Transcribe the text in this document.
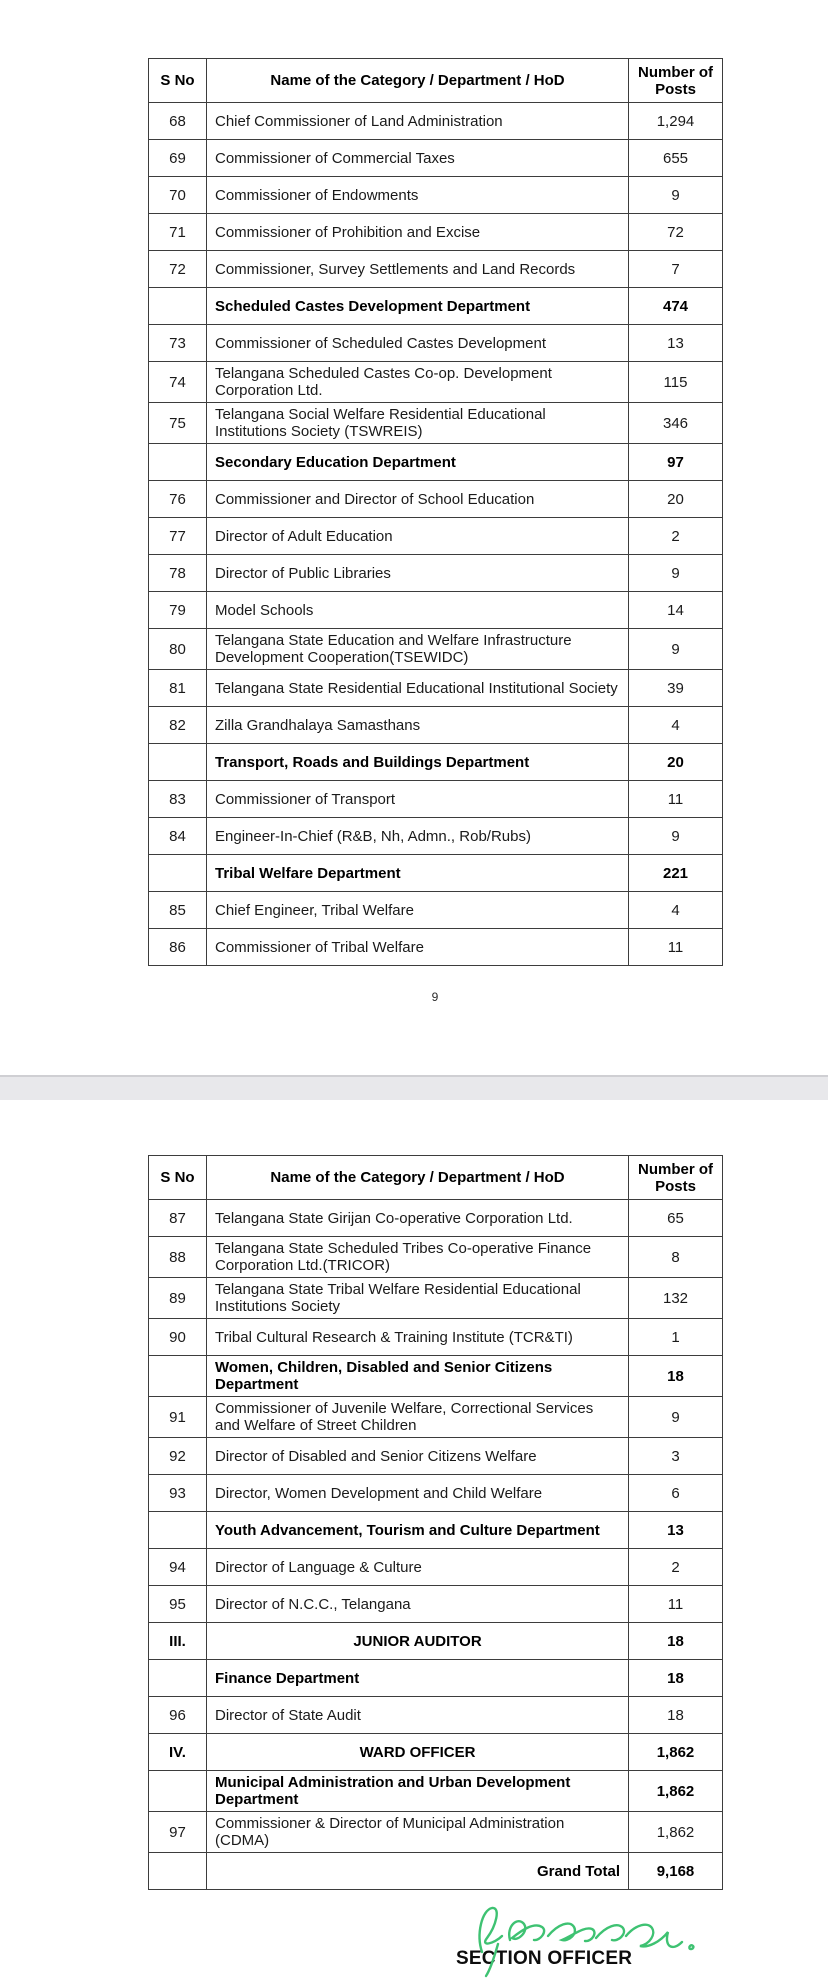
S No	Name of the Category / Department / HoD	Number of Posts
68	Chief Commissioner of Land Administration	1,294
69	Commissioner of Commercial Taxes	655
70	Commissioner of Endowments	9
71	Commissioner of Prohibition and Excise	72
72	Commissioner, Survey Settlements and Land Records	7
	Scheduled Castes Development Department	474
73	Commissioner of Scheduled Castes Development	13
74	Telangana Scheduled Castes Co-op. Development Corporation Ltd.	115
75	Telangana Social Welfare Residential Educational Institutions Society (TSWREIS)	346
	Secondary Education Department	97
76	Commissioner and Director of School Education	20
77	Director of Adult Education	2
78	Director of Public Libraries	9
79	Model Schools	14
80	Telangana State Education and Welfare Infrastructure Development Cooperation(TSEWIDC)	9
81	Telangana State Residential Educational Institutional Society	39
82	Zilla Grandhalaya Samasthans	4
	Transport, Roads and Buildings Department	20
83	Commissioner of Transport	11
84	Engineer-In-Chief (R&B, Nh, Admn., Rob/Rubs)	9
	Tribal Welfare Department	221
85	Chief Engineer, Tribal Welfare	4
86	Commissioner of Tribal Welfare	11
9
S No	Name of the Category / Department / HoD	Number of Posts
87	Telangana State Girijan Co-operative Corporation Ltd.	65
88	Telangana State Scheduled Tribes Co-operative Finance Corporation Ltd.(TRICOR)	8
89	Telangana State Tribal Welfare Residential Educational Institutions Society	132
90	Tribal Cultural Research & Training Institute (TCR&TI)	1
	Women, Children, Disabled and Senior Citizens Department	18
91	Commissioner of Juvenile Welfare, Correctional Services and Welfare of Street Children	9
92	Director of Disabled and Senior Citizens Welfare	3
93	Director, Women Development and Child Welfare	6
	Youth Advancement, Tourism and Culture Department	13
94	Director of Language & Culture	2
95	Director of N.C.C., Telangana	11
III.	JUNIOR AUDITOR	18
	Finance Department	18
96	Director of State Audit	18
IV.	WARD OFFICER	1,862
	Municipal Administration and Urban Development Department	1,862
97	Commissioner & Director of Municipal Administration (CDMA)	1,862
	Grand Total	9,168
SECTION OFFICER
